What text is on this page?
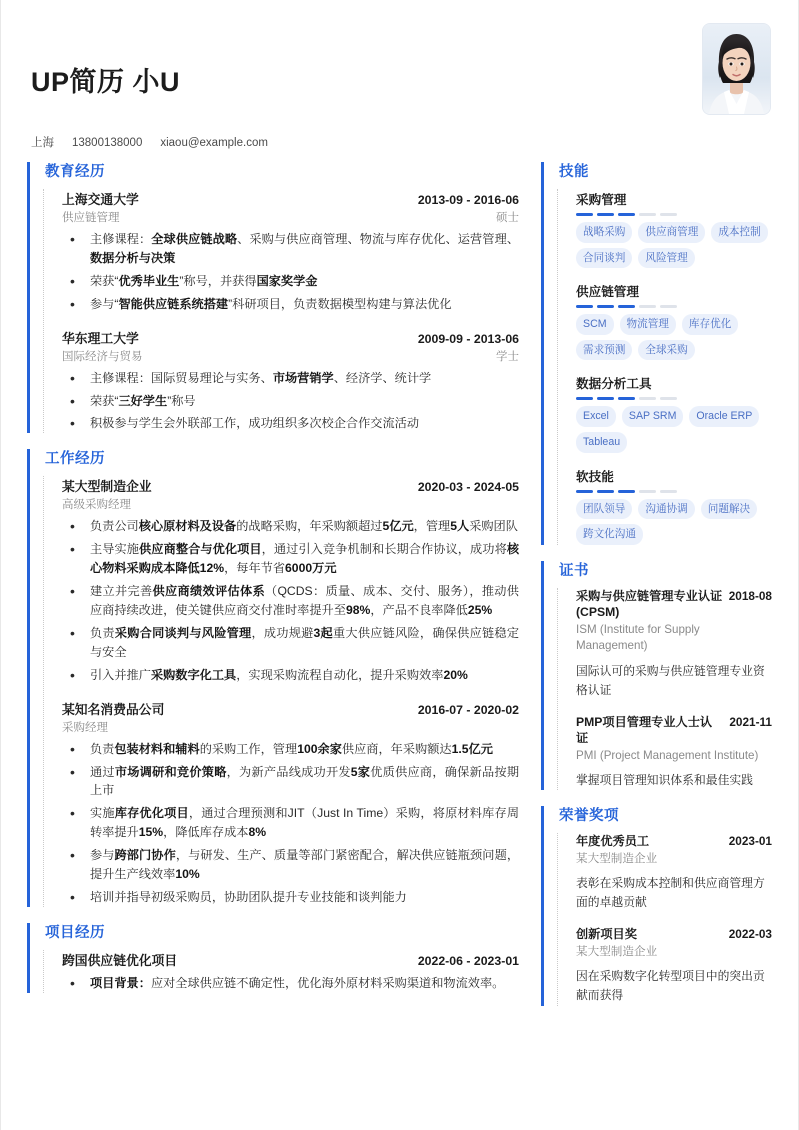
UP简历 小U
上海 13800138000 xiaou@example.com
教育经历
上海交通大学	2013-09 - 2016-06
供应链管理	硕士
• 主修课程：全球供应链战略、采购与供应商管理、物流与库存优化、运营管理、数据分析与决策
• 荣获“优秀毕业生”称号，并获得国家奖学金
• 参与“智能供应链系统搭建”科研项目，负责数据模型构建与算法优化
华东理工大学	2009-09 - 2013-06
国际经济与贸易	学士
• 主修课程：国际贸易理论与实务、市场营销学、经济学、统计学
• 荣获“三好学生”称号
• 积极参与学生会外联部工作，成功组织多次校企合作交流活动
工作经历
某大型制造企业	2020-03 - 2024-05
高级采购经理
• 负责公司核心原材料及设备的战略采购，年采购额超过5亿元，管理5人采购团队
• 主导实施供应商整合与优化项目，通过引入竞争机制和长期合作协议，成功将核心物料采购成本降低12%，每年节省6000万元
• 建立并完善供应商绩效评估体系（QCDS：质量、成本、交付、服务），推动供应商持续改进，使关键供应商交付准时率提升至98%，产品不良率降低25%
• 负责采购合同谈判与风险管理，成功规避3起重大供应链风险，确保供应链稳定与安全
• 引入并推广采购数字化工具，实现采购流程自动化，提升采购效率20%
某知名消费品公司	2016-07 - 2020-02
采购经理
• 负责包装材料和辅料的采购工作，管理100余家供应商，年采购额达1.5亿元
• 通过市场调研和竞价策略，为新产品线成功开发5家优质供应商，确保新品按期上市
• 实施库存优化项目，通过合理预测和JIT（Just In Time）采购，将原材料库存周转率提升15%，降低库存成本8%
• 参与跨部门协作，与研发、生产、质量等部门紧密配合，解决供应链瓶颈问题，提升生产线效率10%
• 培训并指导初级采购员，协助团队提升专业技能和谈判能力
项目经历
跨国供应链优化项目	2022-06 - 2023-01
• 项目背景：应对全球供应链不确定性，优化海外原材料采购渠道和物流效率。
技能
采购管理
战略采购	供应商管理	成本控制
合同谈判	风险管理
供应链管理
SCM	物流管理	库存优化
需求预测	全球采购
数据分析工具
Excel	SAP SRM	Oracle ERP
Tableau
软技能
团队领导	沟通协调	问题解决
跨文化沟通
证书
采购与供应链管理专业认证 (CPSM)
2018-08
ISM (Institute for Supply Management)
国际认可的采购与供应链管理专业资格认证
PMP项目管理专业人士认证
2021-11
PMI (Project Management Institute)
掌握项目管理知识体系和最佳实践
荣誉奖项
年度优秀员工	2023-01
某大型制造企业
表彰在采购成本控制和供应商管理方面的卓越贡献
创新项目奖	2022-03
某大型制造企业
因在采购数字化转型项目中的突出贡献而获得
